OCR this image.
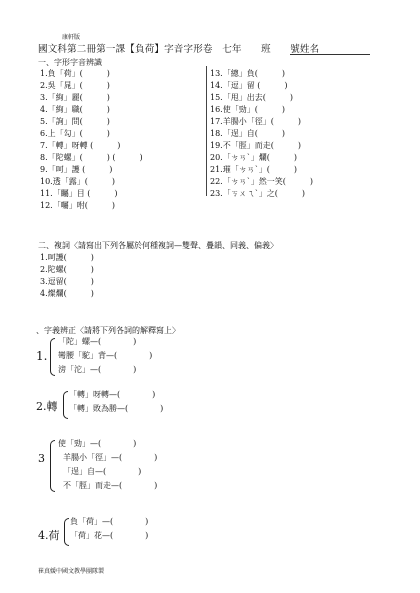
康軒版
國文科第二冊第一課【負荷】字音字形卷　七年　　班　　號姓名
一、字形字音辨識
1.負「荷」(　　　)
2.吳「晁」(　　　)
3.「絢」麗(　　　)
4.「絢」職(　　　)
5.「詢」問(　　　)
6.上「勾」(　　　)
7.「轉」呀轉 (　　　)
8.「陀螺」(　　　) (　　　)
9.「呵」護 (　　　)
10.透「露」(　　　)
11.「矚」目 (　　　)
12.「囑」咐(　　　)
13.「總」負(　　　)
14.「逗」留 (　　　)
15.「甩」出去(　　　)
16.使「勁」(　　　)
17.羊腸小「徑」(　　　)
18.「逞」自(　　　)
19.不「脛」而走(　　　)
20.「ㄘㄢˋ」爛(　　　)
21.璀「ㄘㄢˋ」(　　　)
22.「ㄘㄢˋ」然一笑(　　　)
23.「ㄎㄨㄟˋ」之(　　　)
二、複詞〈請寫出下列各屬於何種複詞—雙聲、疊韻、同義、偏義〉
1.呵護(　　　)
2.陀螺(　　　)
3.逗留(　　　)
4.燦爛(　　　)
、字義辨正〈請將下列各詞的解釋寫上〉
1.
「陀」螺—(　　　　)
彎腰「駝」背—(　　　　)
滂「沱」—(　　　　)
2.轉
「轉」呀轉—(　　　　)
「轉」敗為勝—(　　　　)
3
使「勁」—(　　　　)
羊腸小「徑」—(　　　　)
「逞」自—(　　　　)
不「脛」而走—(　　　　)
4.荷
負「荷」—(　　　　)
「荷」花—(　　　　)
崔真媛中國文教學團隊製
